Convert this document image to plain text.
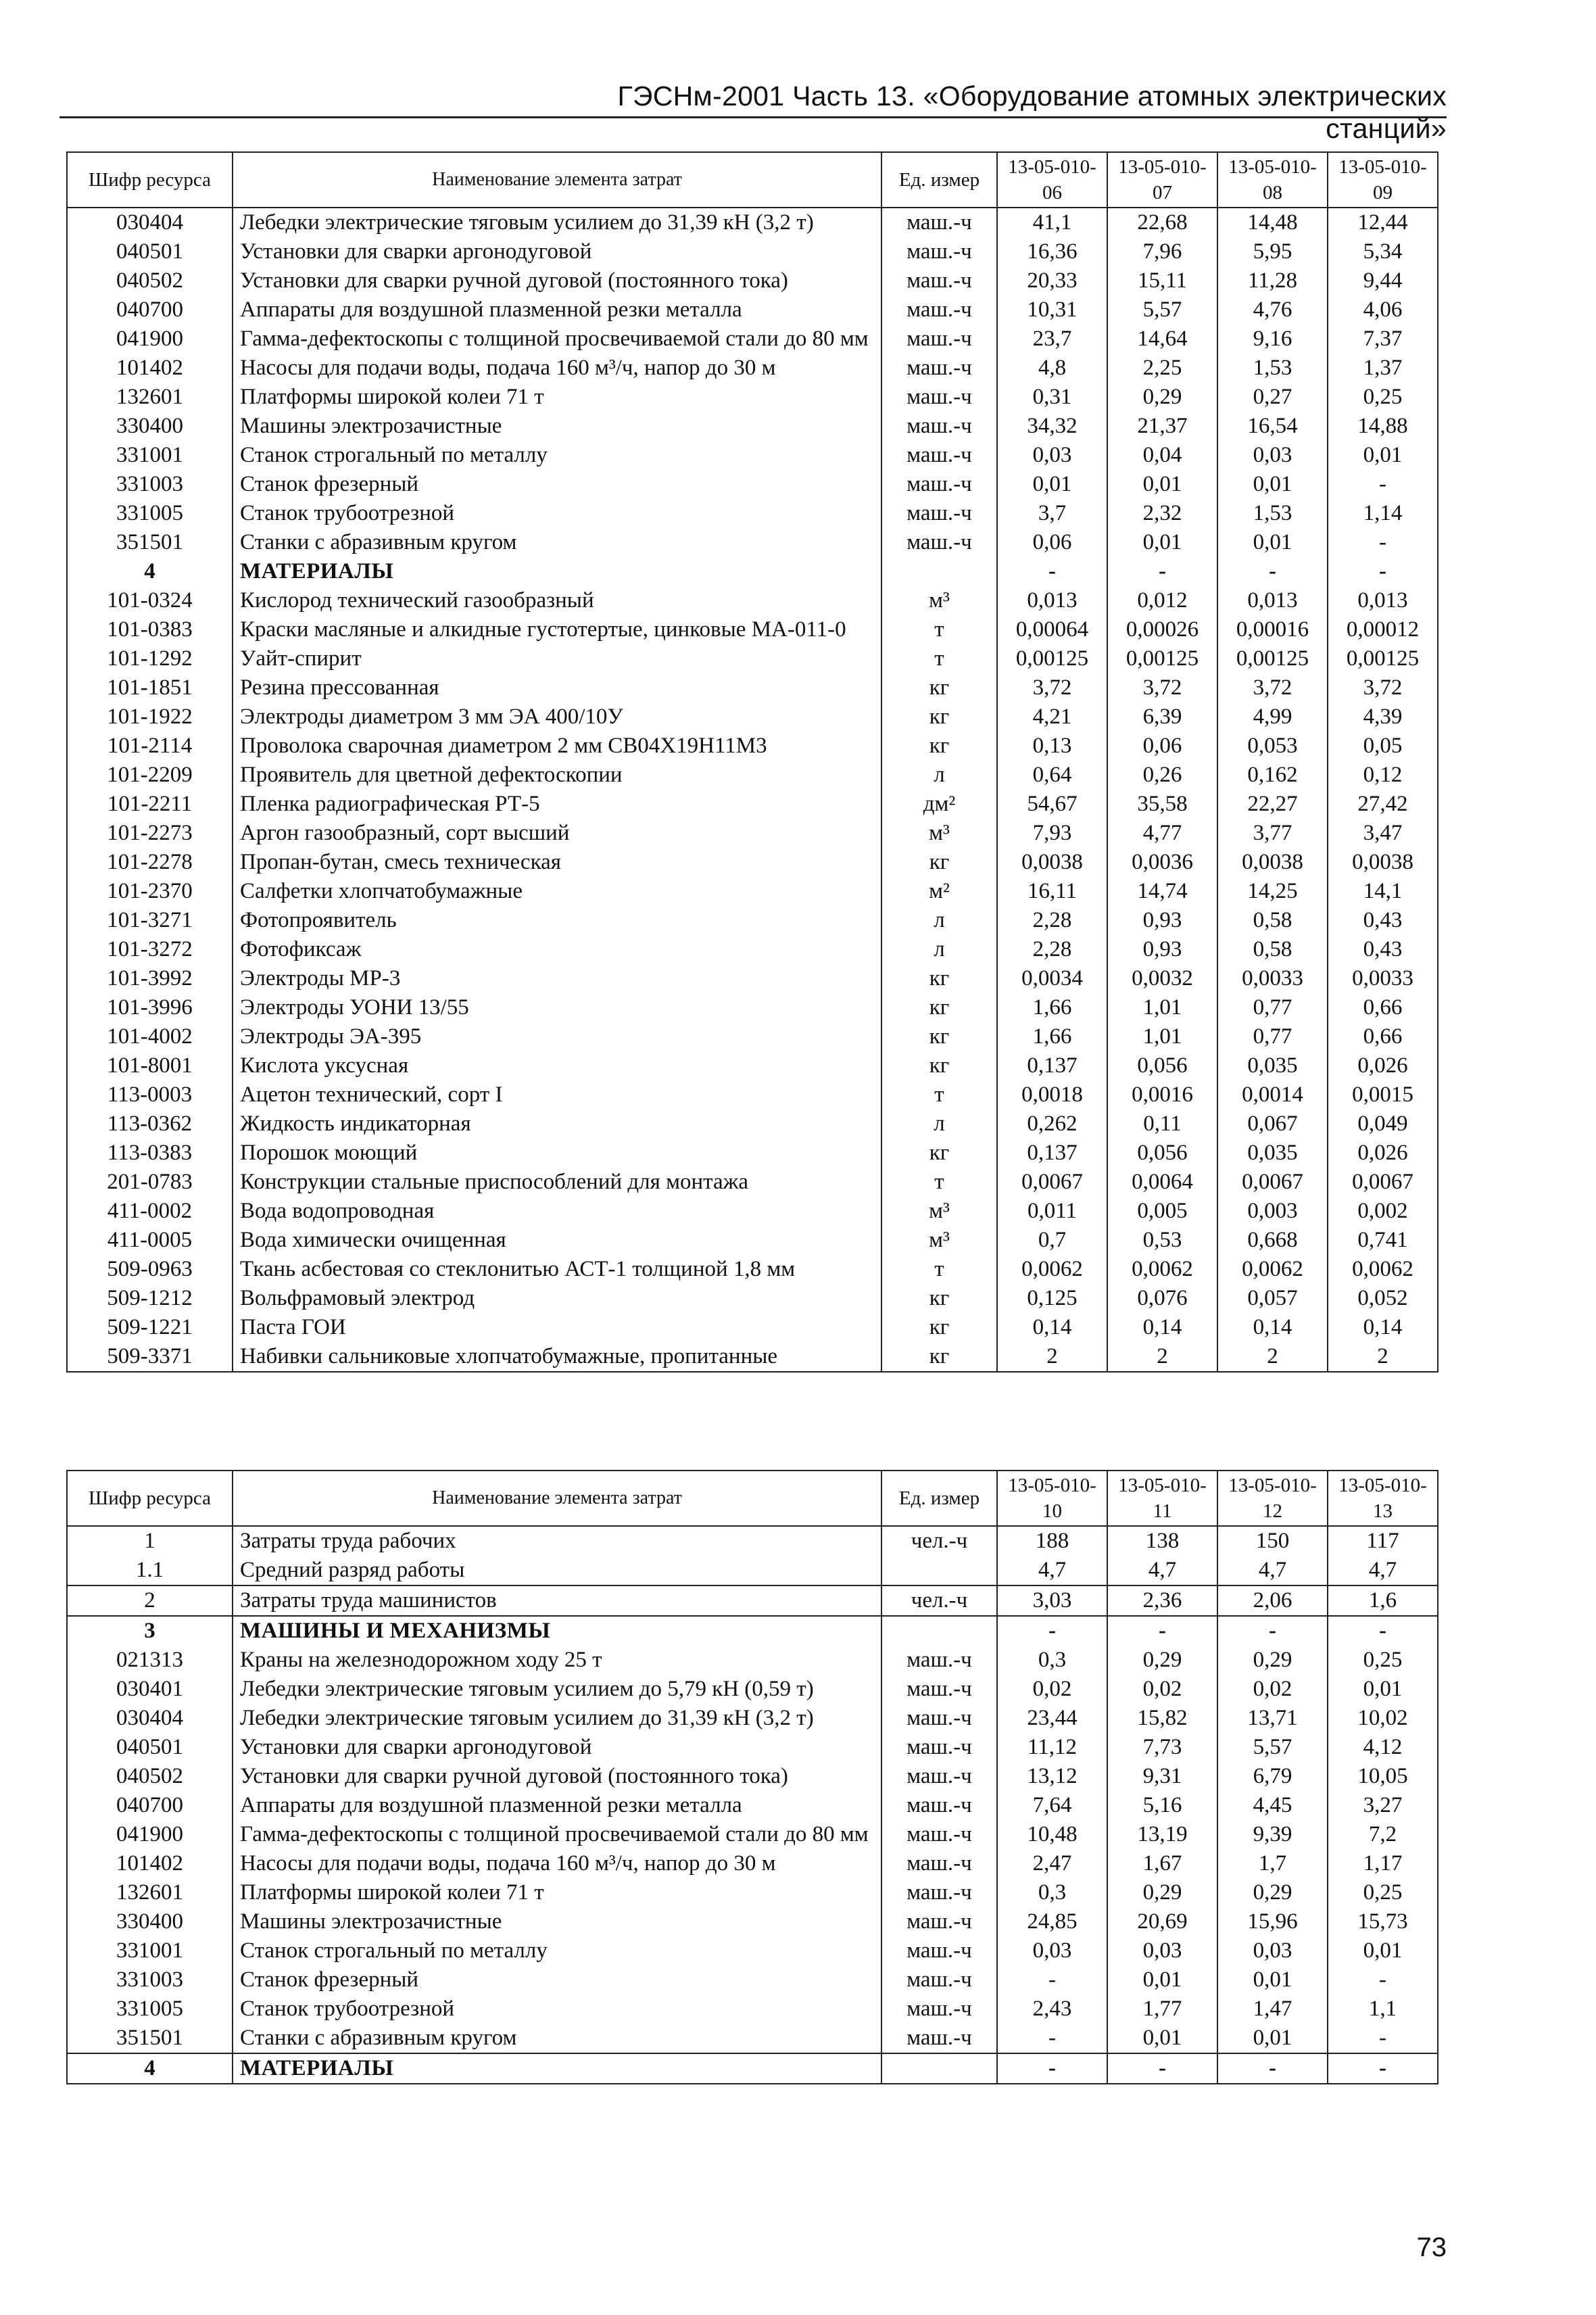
ГЭСНм-2001 Часть 13. «Оборудование атомных электрических станций»
Шифр ресурса	Наименование элемента затрат	Ед. измер	13-05-010-06	13-05-010-07	13-05-010-08	13-05-010-09
030404	Лебедки электрические тяговым усилием до 31,39 кН (3,2 т)	маш.-ч	41,1	22,68	14,48	12,44
040501	Установки для сварки аргонодуговой	маш.-ч	16,36	7,96	5,95	5,34
040502	Установки для сварки ручной дуговой (постоянного тока)	маш.-ч	20,33	15,11	11,28	9,44
040700	Аппараты для воздушной плазменной резки металла	маш.-ч	10,31	5,57	4,76	4,06
041900	Гамма-дефектоскопы с толщиной просвечиваемой стали до 80 мм	маш.-ч	23,7	14,64	9,16	7,37
101402	Насосы для подачи воды, подача 160 м³/ч, напор до 30 м	маш.-ч	4,8	2,25	1,53	1,37
132601	Платформы широкой колеи 71 т	маш.-ч	0,31	0,29	0,27	0,25
330400	Машины электрозачистные	маш.-ч	34,32	21,37	16,54	14,88
331001	Станок строгальный по металлу	маш.-ч	0,03	0,04	0,03	0,01
331003	Станок фрезерный	маш.-ч	0,01	0,01	0,01	-
331005	Станок трубоотрезной	маш.-ч	3,7	2,32	1,53	1,14
351501	Станки с абразивным кругом	маш.-ч	0,06	0,01	0,01	-
4	МАТЕРИАЛЫ		-	-	-	-
101-0324	Кислород технический газообразный	м³	0,013	0,012	0,013	0,013
101-0383	Краски масляные и алкидные густотертые, цинковые МА-011-0	т	0,00064	0,00026	0,00016	0,00012
101-1292	Уайт-спирит	т	0,00125	0,00125	0,00125	0,00125
101-1851	Резина прессованная	кг	3,72	3,72	3,72	3,72
101-1922	Электроды диаметром 3 мм ЭА 400/10У	кг	4,21	6,39	4,99	4,39
101-2114	Проволока сварочная диаметром 2 мм СВ04Х19Н11М3	кг	0,13	0,06	0,053	0,05
101-2209	Проявитель для цветной дефектоскопии	л	0,64	0,26	0,162	0,12
101-2211	Пленка радиографическая РТ-5	дм²	54,67	35,58	22,27	27,42
101-2273	Аргон газообразный, сорт высший	м³	7,93	4,77	3,77	3,47
101-2278	Пропан-бутан, смесь техническая	кг	0,0038	0,0036	0,0038	0,0038
101-2370	Салфетки хлопчатобумажные	м²	16,11	14,74	14,25	14,1
101-3271	Фотопроявитель	л	2,28	0,93	0,58	0,43
101-3272	Фотофиксаж	л	2,28	0,93	0,58	0,43
101-3992	Электроды МР-3	кг	0,0034	0,0032	0,0033	0,0033
101-3996	Электроды УОНИ 13/55	кг	1,66	1,01	0,77	0,66
101-4002	Электроды ЭА-395	кг	1,66	1,01	0,77	0,66
101-8001	Кислота уксусная	кг	0,137	0,056	0,035	0,026
113-0003	Ацетон технический, сорт I	т	0,0018	0,0016	0,0014	0,0015
113-0362	Жидкость индикаторная	л	0,262	0,11	0,067	0,049
113-0383	Порошок моющий	кг	0,137	0,056	0,035	0,026
201-0783	Конструкции стальные приспособлений для монтажа	т	0,0067	0,0064	0,0067	0,0067
411-0002	Вода водопроводная	м³	0,011	0,005	0,003	0,002
411-0005	Вода химически очищенная	м³	0,7	0,53	0,668	0,741
509-0963	Ткань асбестовая со стеклонитью АСТ-1 толщиной 1,8 мм	т	0,0062	0,0062	0,0062	0,0062
509-1212	Вольфрамовый электрод	кг	0,125	0,076	0,057	0,052
509-1221	Паста ГОИ	кг	0,14	0,14	0,14	0,14
509-3371	Набивки сальниковые хлопчатобумажные, пропитанные	кг	2	2	2	2
Шифр ресурса	Наименование элемента затрат	Ед. измер	13-05-010-10	13-05-010-11	13-05-010-12	13-05-010-13
1	Затраты труда рабочих	чел.-ч	188	138	150	117
1.1	Средний разряд работы		4,7	4,7	4,7	4,7
2	Затраты труда машинистов	чел.-ч	3,03	2,36	2,06	1,6
3	МАШИНЫ И МЕХАНИЗМЫ		-	-	-	-
021313	Краны на железнодорожном ходу 25 т	маш.-ч	0,3	0,29	0,29	0,25
030401	Лебедки электрические тяговым усилием до 5,79 кН (0,59 т)	маш.-ч	0,02	0,02	0,02	0,01
030404	Лебедки электрические тяговым усилием до 31,39 кН (3,2 т)	маш.-ч	23,44	15,82	13,71	10,02
040501	Установки для сварки аргонодуговой	маш.-ч	11,12	7,73	5,57	4,12
040502	Установки для сварки ручной дуговой (постоянного тока)	маш.-ч	13,12	9,31	6,79	10,05
040700	Аппараты для воздушной плазменной резки металла	маш.-ч	7,64	5,16	4,45	3,27
041900	Гамма-дефектоскопы с толщиной просвечиваемой стали до 80 мм	маш.-ч	10,48	13,19	9,39	7,2
101402	Насосы для подачи воды, подача 160 м³/ч, напор до 30 м	маш.-ч	2,47	1,67	1,7	1,17
132601	Платформы широкой колеи 71 т	маш.-ч	0,3	0,29	0,29	0,25
330400	Машины электрозачистные	маш.-ч	24,85	20,69	15,96	15,73
331001	Станок строгальный по металлу	маш.-ч	0,03	0,03	0,03	0,01
331003	Станок фрезерный	маш.-ч	-	0,01	0,01	-
331005	Станок трубоотрезной	маш.-ч	2,43	1,77	1,47	1,1
351501	Станки с абразивным кругом	маш.-ч	-	0,01	0,01	-
4	МАТЕРИАЛЫ		-	-	-	-
73
